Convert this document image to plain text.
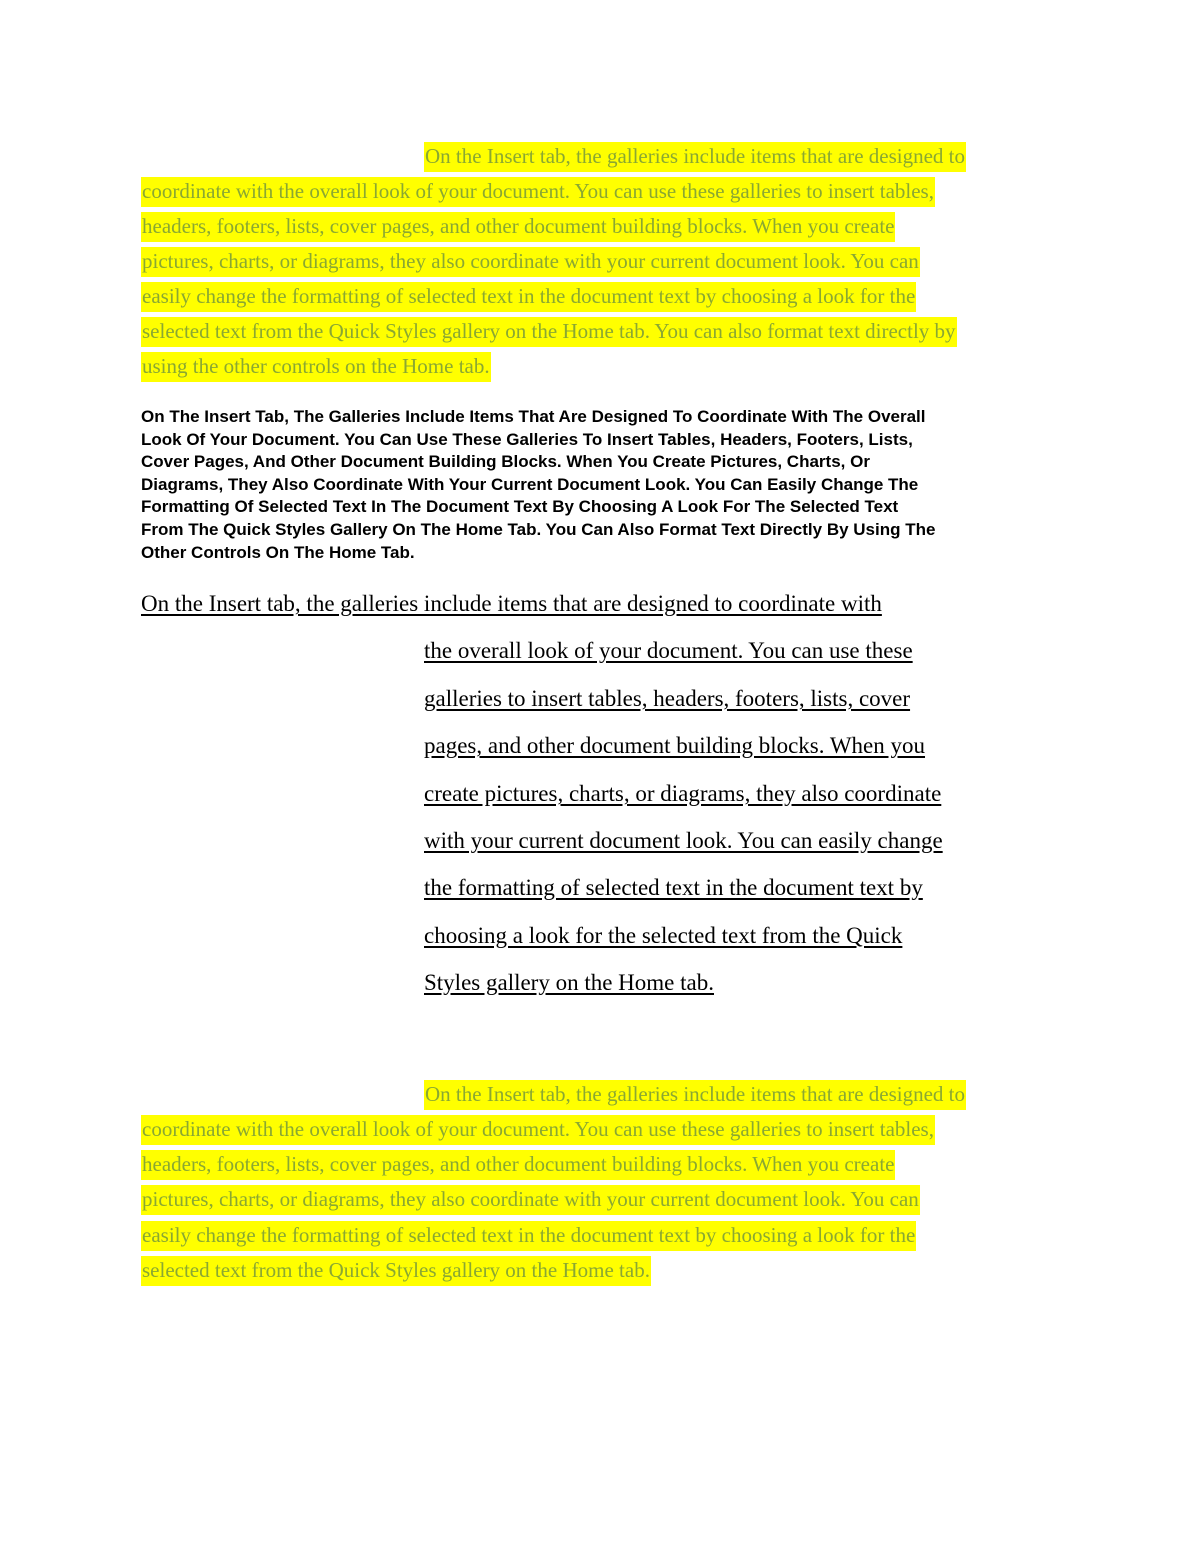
On the Insert tab, the galleries include items that are designed to
coordinate with the overall look of your document. You can use these galleries to insert tables,
headers, footers, lists, cover pages, and other document building blocks. When you create
pictures, charts, or diagrams, they also coordinate with your current document look. You can
easily change the formatting of selected text in the document text by choosing a look for the
selected text from the Quick Styles gallery on the Home tab. You can also format text directly by
using the other controls on the Home tab.
On The Insert Tab, The Galleries Include Items That Are Designed To Coordinate With The Overall
Look Of Your Document. You Can Use These Galleries To Insert Tables, Headers, Footers, Lists,
Cover Pages, And Other Document Building Blocks. When You Create Pictures, Charts, Or
Diagrams, They Also Coordinate With Your Current Document Look. You Can Easily Change The
Formatting Of Selected Text In The Document Text By Choosing A Look For The Selected Text
From The Quick Styles Gallery On The Home Tab. You Can Also Format Text Directly By Using The
Other Controls On The Home Tab.
On the Insert tab, the galleries include items that are designed to coordinate with
the overall look of your document. You can use these
galleries to insert tables, headers, footers, lists, cover
pages, and other document building blocks. When you
create pictures, charts, or diagrams, they also coordinate
with your current document look. You can easily change
the formatting of selected text in the document text by
choosing a look for the selected text from the Quick
Styles gallery on the Home tab.
On the Insert tab, the galleries include items that are designed to
coordinate with the overall look of your document. You can use these galleries to insert tables,
headers, footers, lists, cover pages, and other document building blocks. When you create
pictures, charts, or diagrams, they also coordinate with your current document look. You can
easily change the formatting of selected text in the document text by choosing a look for the
selected text from the Quick Styles gallery on the Home tab.
